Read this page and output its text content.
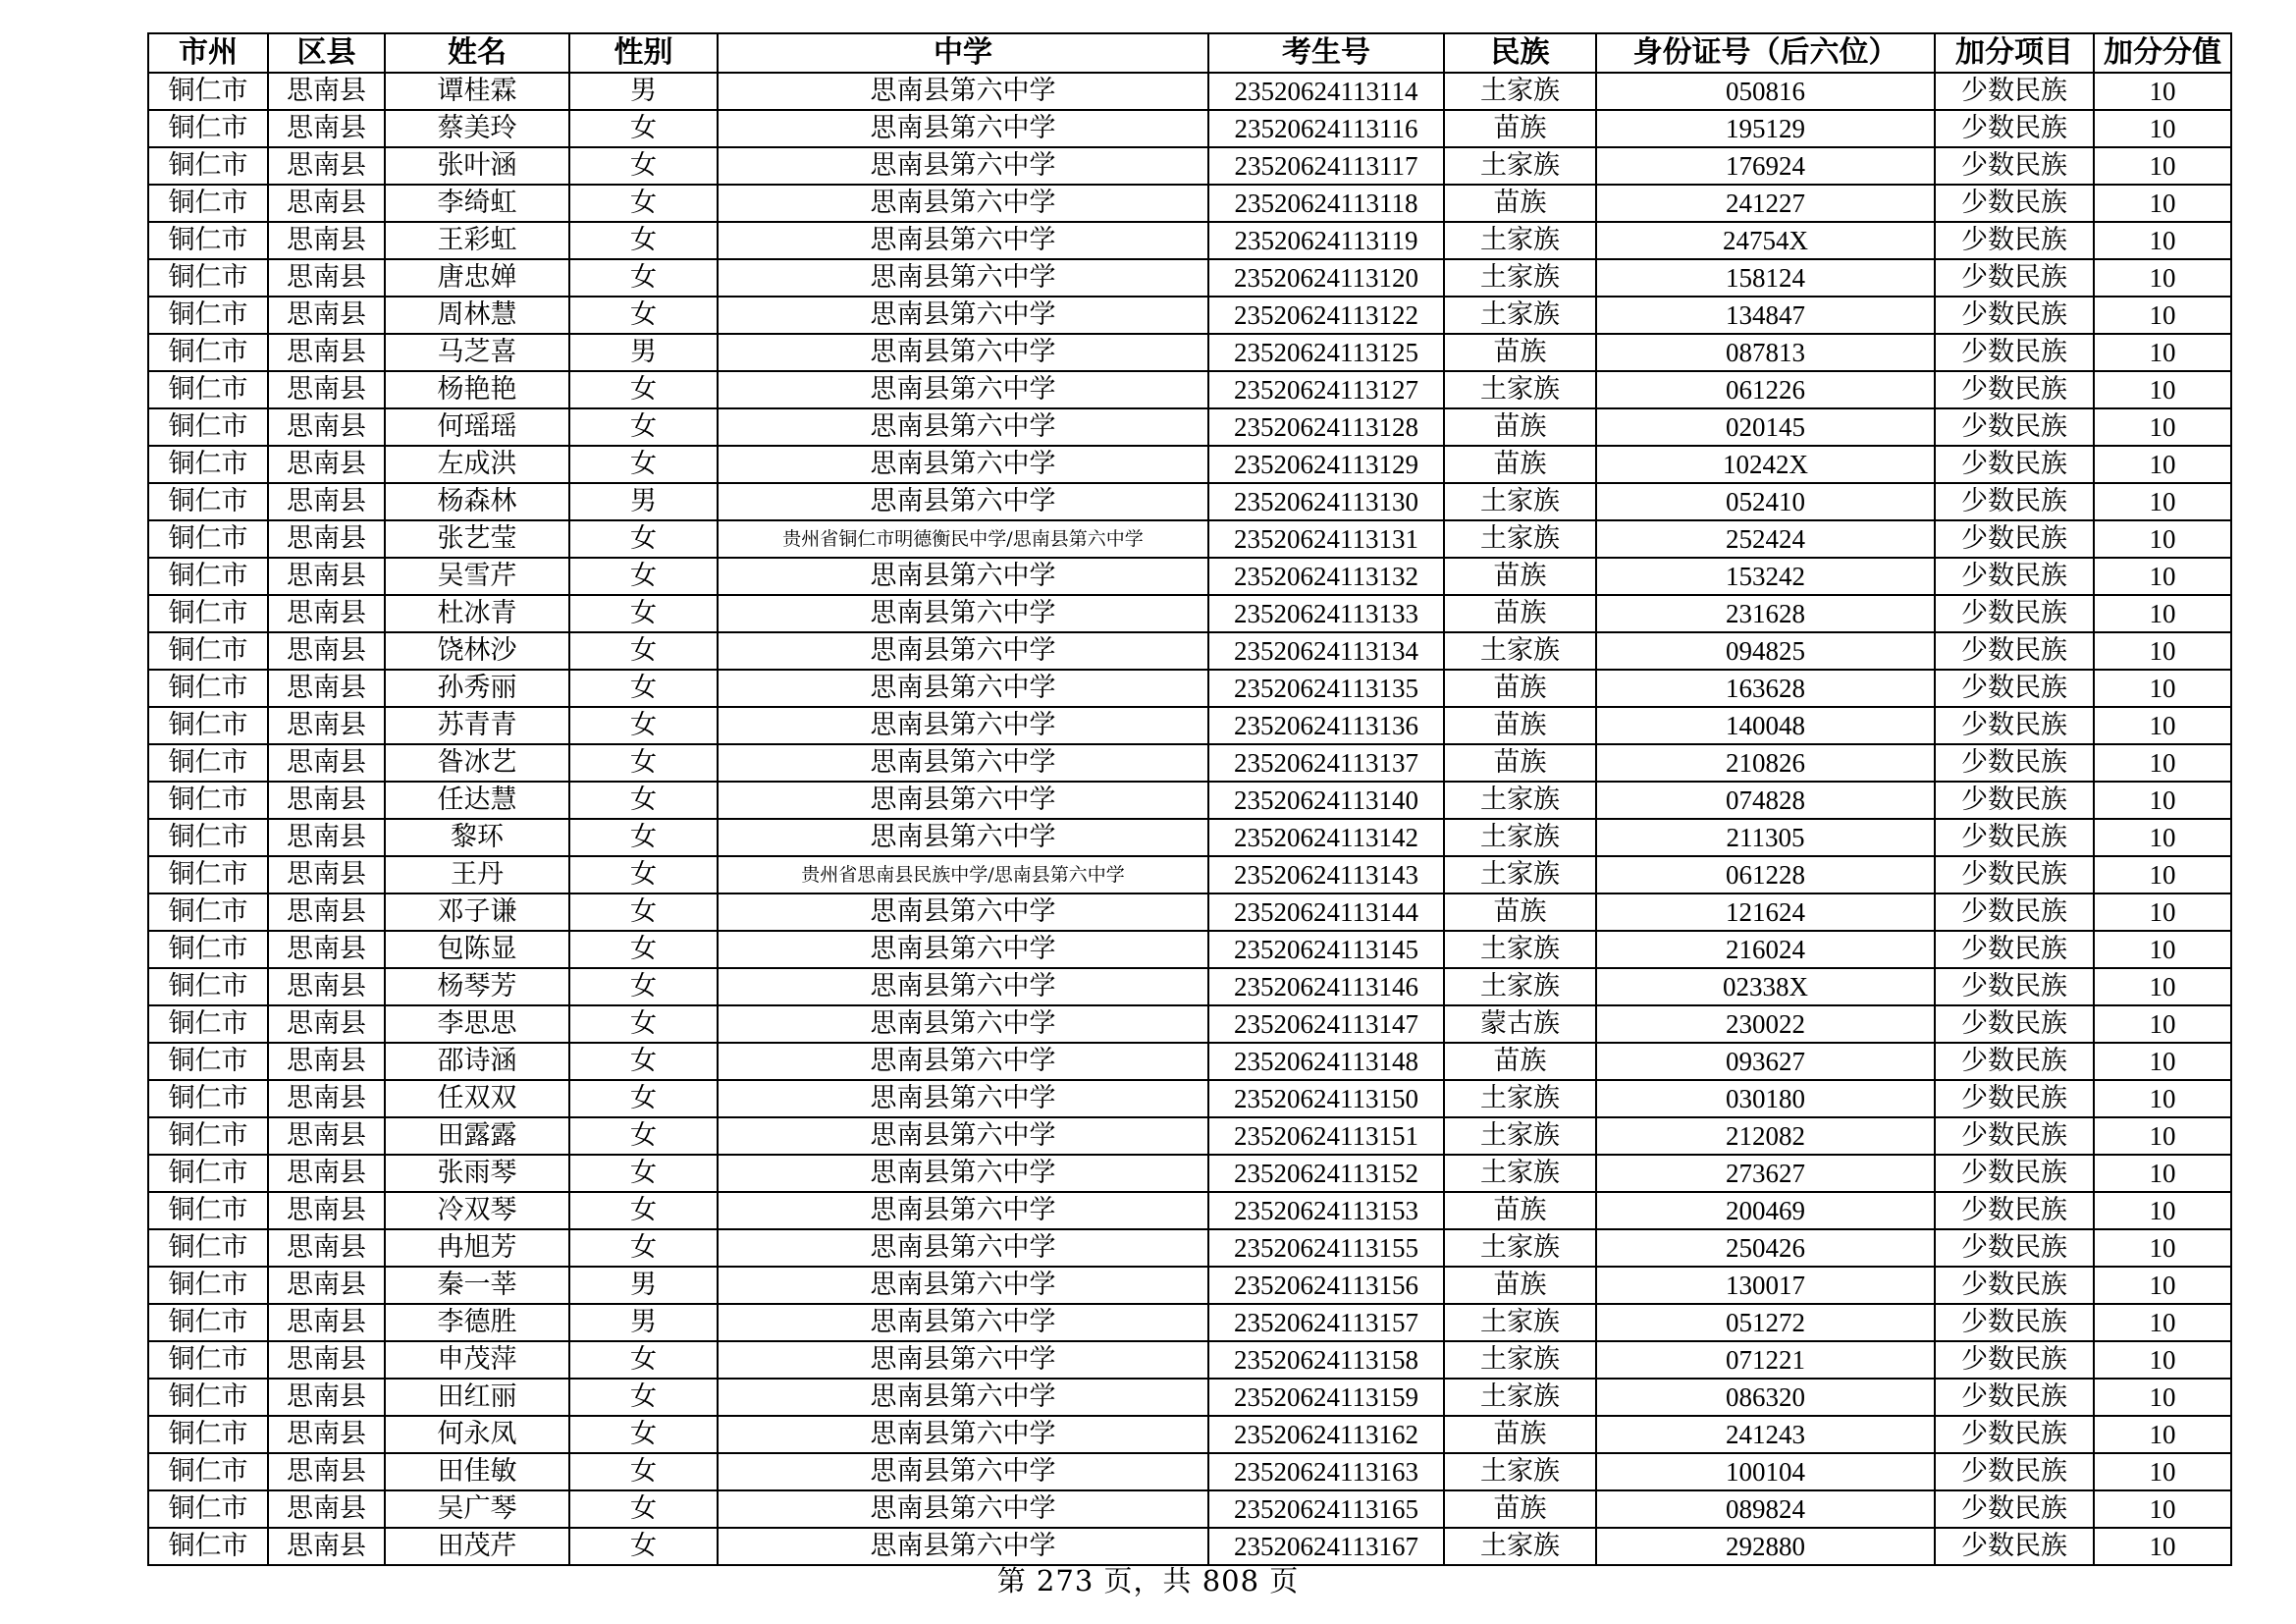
市州	区县	姓名	性别	中学	考生号	民族	身份证号（后六位）	加分项目	加分分值
铜仁市	思南县	谭桂霖	男	思南县第六中学	23520624113114	土家族	050816	少数民族	10
铜仁市	思南县	蔡美玲	女	思南县第六中学	23520624113116	苗族	195129	少数民族	10
铜仁市	思南县	张叶涵	女	思南县第六中学	23520624113117	土家族	176924	少数民族	10
铜仁市	思南县	李绮虹	女	思南县第六中学	23520624113118	苗族	241227	少数民族	10
铜仁市	思南县	王彩虹	女	思南县第六中学	23520624113119	土家族	24754X	少数民族	10
铜仁市	思南县	唐忠婵	女	思南县第六中学	23520624113120	土家族	158124	少数民族	10
铜仁市	思南县	周林慧	女	思南县第六中学	23520624113122	土家族	134847	少数民族	10
铜仁市	思南县	马芝喜	男	思南县第六中学	23520624113125	苗族	087813	少数民族	10
铜仁市	思南县	杨艳艳	女	思南县第六中学	23520624113127	土家族	061226	少数民族	10
铜仁市	思南县	何瑶瑶	女	思南县第六中学	23520624113128	苗族	020145	少数民族	10
铜仁市	思南县	左成洪	女	思南县第六中学	23520624113129	苗族	10242X	少数民族	10
铜仁市	思南县	杨森林	男	思南县第六中学	23520624113130	土家族	052410	少数民族	10
铜仁市	思南县	张艺莹	女	贵州省铜仁市明德衡民中学/思南县第六中学	23520624113131	土家族	252424	少数民族	10
铜仁市	思南县	吴雪芹	女	思南县第六中学	23520624113132	苗族	153242	少数民族	10
铜仁市	思南县	杜冰青	女	思南县第六中学	23520624113133	苗族	231628	少数民族	10
铜仁市	思南县	饶林沙	女	思南县第六中学	23520624113134	土家族	094825	少数民族	10
铜仁市	思南县	孙秀丽	女	思南县第六中学	23520624113135	苗族	163628	少数民族	10
铜仁市	思南县	苏青青	女	思南县第六中学	23520624113136	苗族	140048	少数民族	10
铜仁市	思南县	昝冰艺	女	思南县第六中学	23520624113137	苗族	210826	少数民族	10
铜仁市	思南县	任达慧	女	思南县第六中学	23520624113140	土家族	074828	少数民族	10
铜仁市	思南县	黎环	女	思南县第六中学	23520624113142	土家族	211305	少数民族	10
铜仁市	思南县	王丹	女	贵州省思南县民族中学/思南县第六中学	23520624113143	土家族	061228	少数民族	10
铜仁市	思南县	邓子谦	女	思南县第六中学	23520624113144	苗族	121624	少数民族	10
铜仁市	思南县	包陈显	女	思南县第六中学	23520624113145	土家族	216024	少数民族	10
铜仁市	思南县	杨琴芳	女	思南县第六中学	23520624113146	土家族	02338X	少数民族	10
铜仁市	思南县	李思思	女	思南县第六中学	23520624113147	蒙古族	230022	少数民族	10
铜仁市	思南县	邵诗涵	女	思南县第六中学	23520624113148	苗族	093627	少数民族	10
铜仁市	思南县	任双双	女	思南县第六中学	23520624113150	土家族	030180	少数民族	10
铜仁市	思南县	田露露	女	思南县第六中学	23520624113151	土家族	212082	少数民族	10
铜仁市	思南县	张雨琴	女	思南县第六中学	23520624113152	土家族	273627	少数民族	10
铜仁市	思南县	冷双琴	女	思南县第六中学	23520624113153	苗族	200469	少数民族	10
铜仁市	思南县	冉旭芳	女	思南县第六中学	23520624113155	土家族	250426	少数民族	10
铜仁市	思南县	秦一莘	男	思南县第六中学	23520624113156	苗族	130017	少数民族	10
铜仁市	思南县	李德胜	男	思南县第六中学	23520624113157	土家族	051272	少数民族	10
铜仁市	思南县	申茂萍	女	思南县第六中学	23520624113158	土家族	071221	少数民族	10
铜仁市	思南县	田红丽	女	思南县第六中学	23520624113159	土家族	086320	少数民族	10
铜仁市	思南县	何永凤	女	思南县第六中学	23520624113162	苗族	241243	少数民族	10
铜仁市	思南县	田佳敏	女	思南县第六中学	23520624113163	土家族	100104	少数民族	10
铜仁市	思南县	吴广琴	女	思南县第六中学	23520624113165	苗族	089824	少数民族	10
铜仁市	思南县	田茂芹	女	思南县第六中学	23520624113167	土家族	292880	少数民族	10
第 273 页，共 808 页
